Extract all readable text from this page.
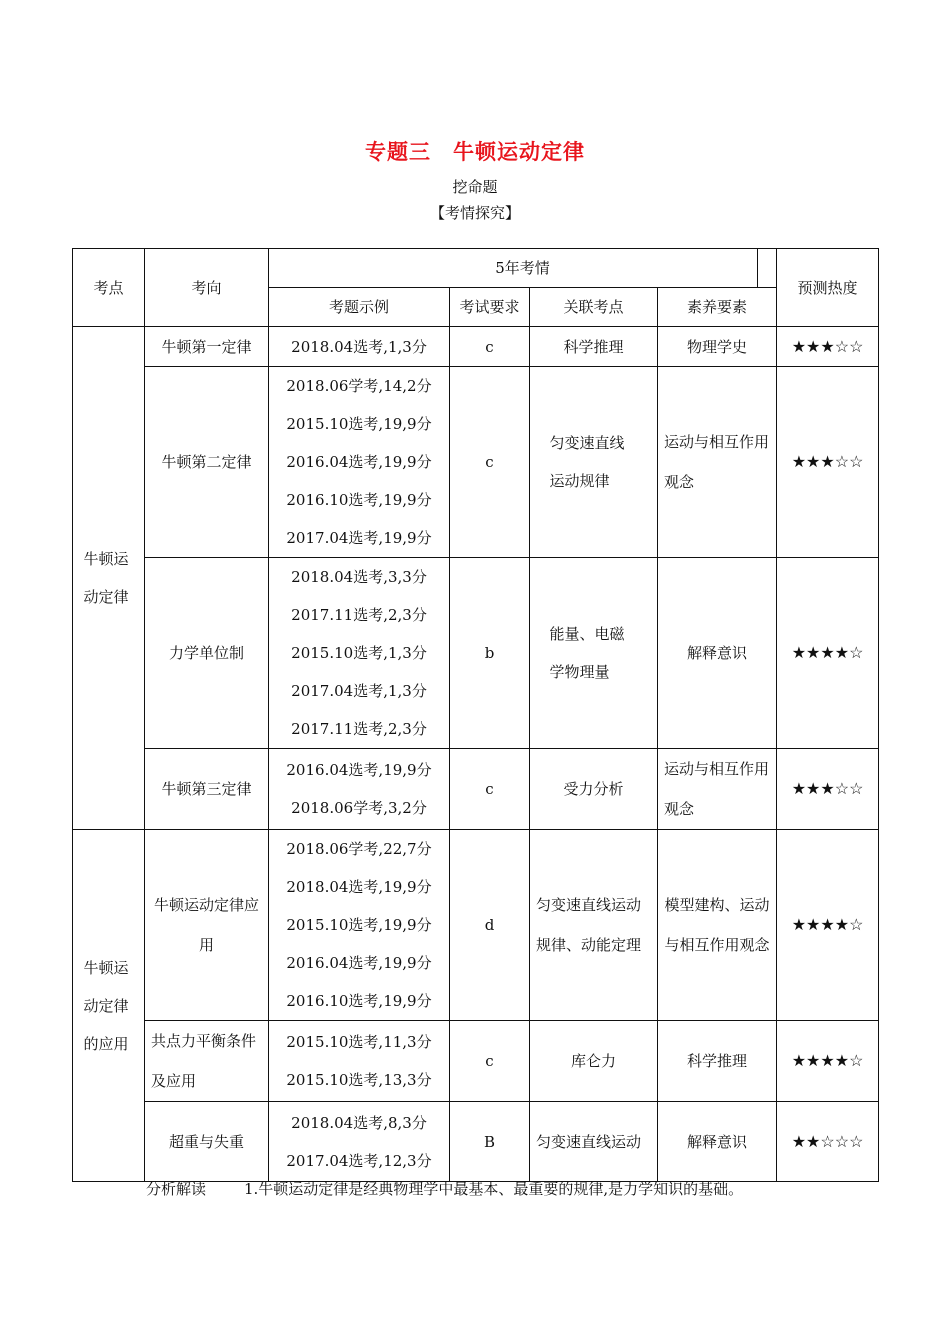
专题三 牛顿运动定律
挖命题
【考情探究】
考点	考向	5年考情				预测热度
		考题示例	考试要求	关联考点	素养要素	

牛顿运动定律	牛顿第一定律	2018.04选考,1,3分	c	科学推理	物理学史	★★★☆☆
	牛顿第二定律	2018.06学考,14,2分
2015.10选考,19,9分
2016.04选考,19,9分
2016.10选考,19,9分
2017.04选考,19,9分	c	匀变速直线运动规律	运动与相互作用观念	★★★☆☆
	力学单位制	2018.04选考,3,3分
2017.11选考,2,3分
2015.10选考,1,3分
2017.04选考,1,3分
2017.11选考,2,3分	b	能量、电磁学物理量	解释意识	★★★★☆
	牛顿第三定律	2016.04选考,19,9分
2018.06学考,3,2分	c	受力分析	运动与相互作用观念	★★★☆☆

牛顿运动定律的应用	牛顿运动定律应用	2018.06学考,22,7分
2018.04选考,19,9分
2015.10选考,19,9分
2016.04选考,19,9分
2016.10选考,19,9分	d	匀变速直线运动规律、动能定理	模型建构、运动与相互作用观念	★★★★☆

	共点力平衡条件及应用	2015.10选考,11,3分
2015.10选考,13,3分	c	库仑力	科学推理	★★★★☆
	超重与失重	2018.04选考,8,3分
2017.04选考,12,3分	B	匀变速直线运动	解释意识	★★☆☆☆
分析解读	1.牛顿运动定律是经典物理学中最基本、最重要的规律,是力学知识的基础。
